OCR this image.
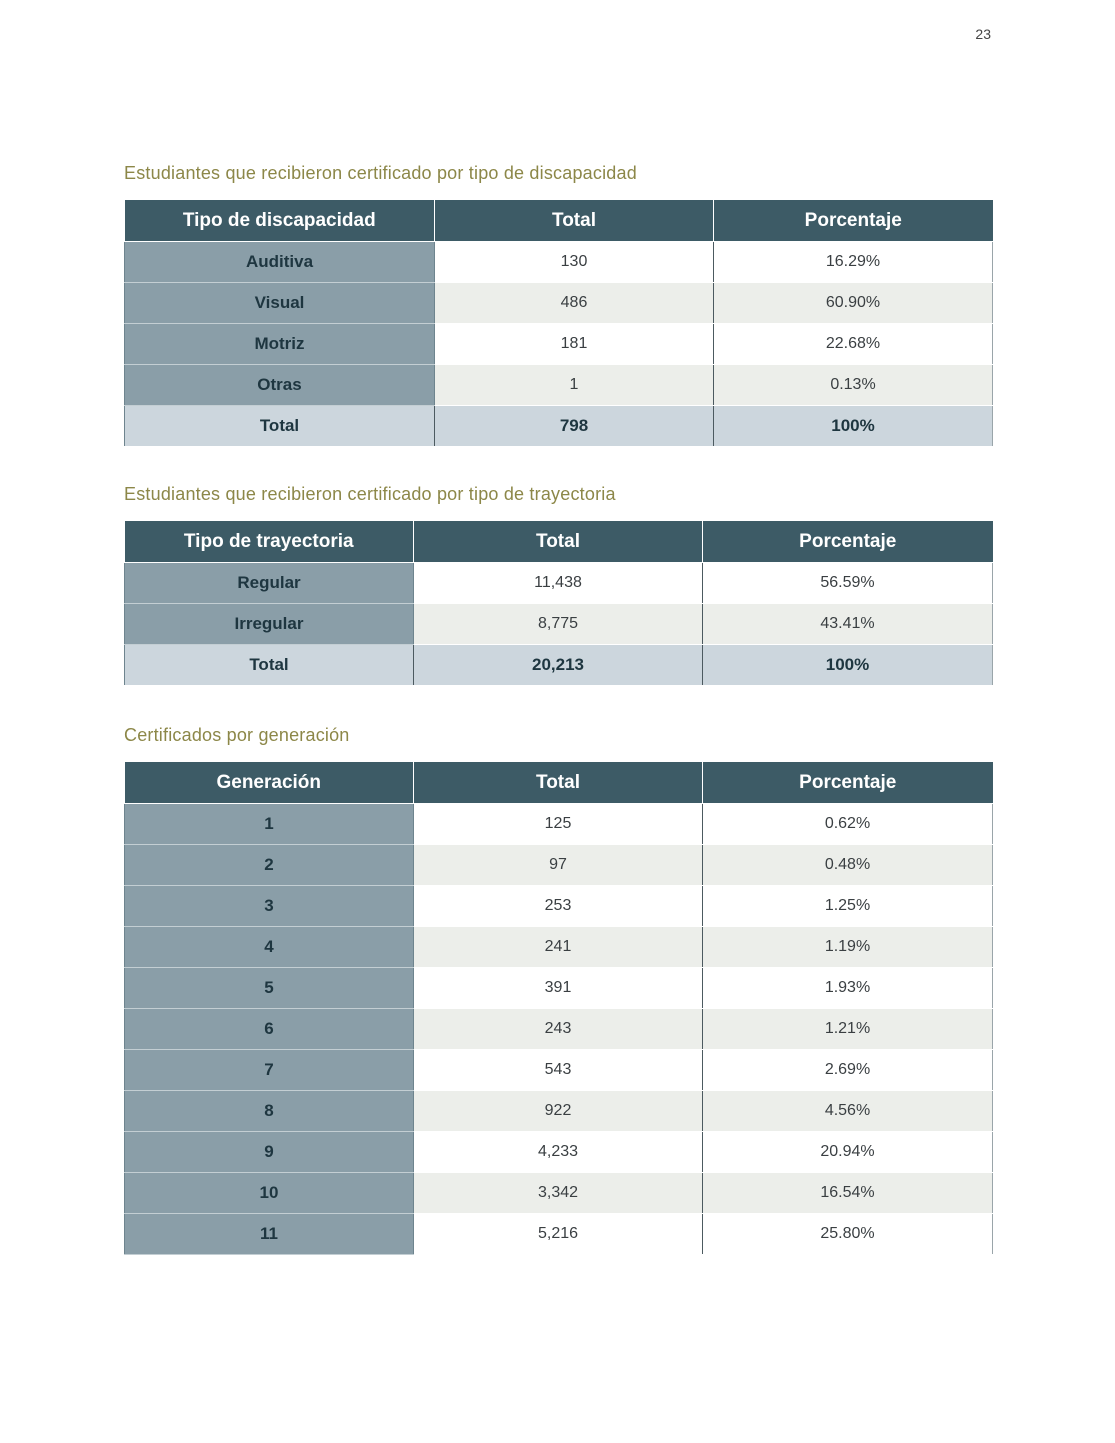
23
Estudiantes que recibieron certificado por tipo de discapacidad
Tipo de discapacidad	Total	Porcentaje
Auditiva	130	16.29%
Visual	486	60.90%
Motriz	181	22.68%
Otras	1	0.13%
Total	798	100%
Estudiantes que recibieron certificado por tipo de trayectoria
Tipo de trayectoria	Total	Porcentaje
Regular	11,438	56.59%
Irregular	8,775	43.41%
Total	20,213	100%
Certificados por generación
Generación	Total	Porcentaje
1	125	0.62%
2	97	0.48%
3	253	1.25%
4	241	1.19%
5	391	1.93%
6	243	1.21%
7	543	2.69%
8	922	4.56%
9	4,233	20.94%
10	3,342	16.54%
11	5,216	25.80%
